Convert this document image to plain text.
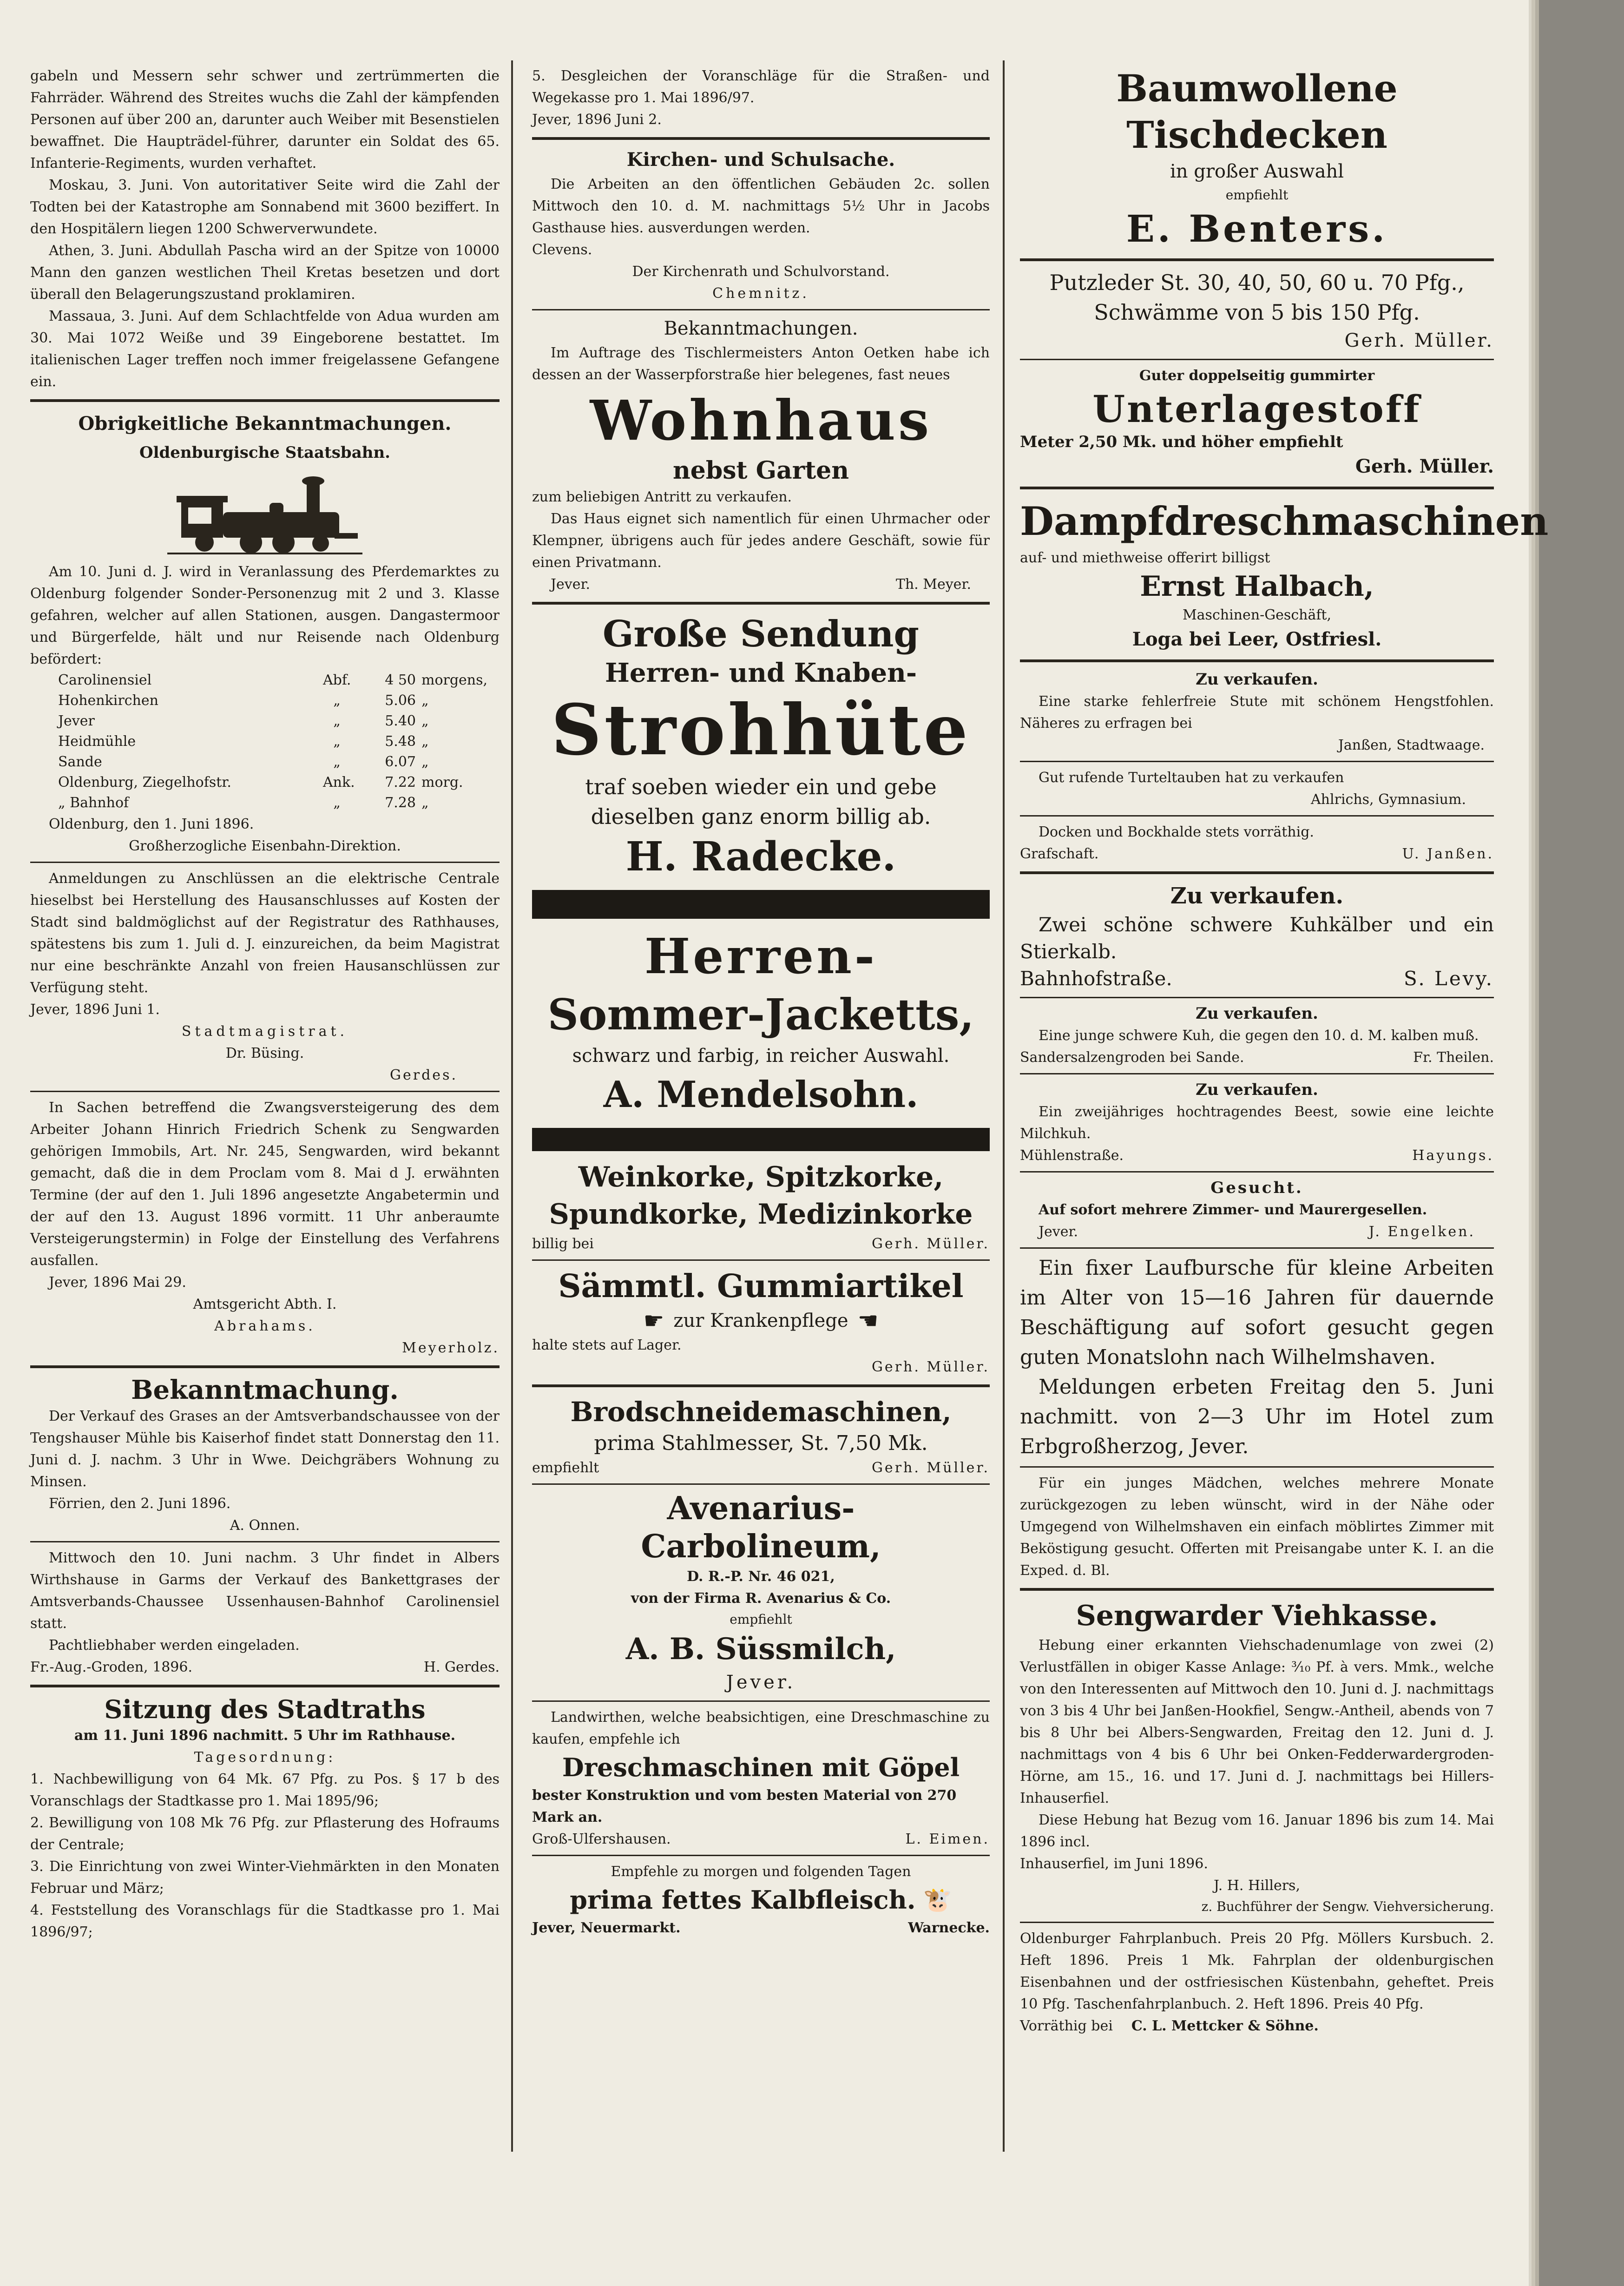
gabeln und Messern sehr schwer und zertrümmerten die Fahrräder. Während des Streites wuchs die Zahl der kämpfenden Personen auf über 200 an, darunter auch Weiber mit Besenstielen bewaffnet. Die Haupträdel-führer, darunter ein Soldat des 65. Infanterie-Regiments, wurden verhaftet.

Moskau, 3. Juni. Von autoritativer Seite wird die Zahl der Todten bei der Katastrophe am Sonnabend mit 3600 beziffert. In den Hospitälern liegen 1200 Schwerverwundete.

Athen, 3. Juni. Abdullah Pascha wird an der Spitze von 10000 Mann den ganzen westlichen Theil Kretas besetzen und dort überall den Belagerungszustand proklamiren.

Massaua, 3. Juni. Auf dem Schlachtfelde von Adua wurden am 30. Mai 1072 Weiße und 39 Eingeborene bestattet. Im italienischen Lager treffen noch immer freigelassene Gefangene ein.

Obrigkeitliche Bekanntmachungen.

Oldenburgische Staatsbahn.

Am 10. Juni d. J. wird in Veranlassung des Pferdemarktes zu Oldenburg folgender Sonder-Personenzug mit 2 und 3. Klasse gefahren, welcher auf allen Stationen, ausgen. Dangastermoor und Bürgerfelde, hält und nur Reisende nach Oldenburg befördert:

Carolinensiel	Abf.	4 50 morgens,
Hohenkirchen	„	5.06 „
Jever	„	5.40 „
Heidmühle	„	5.48 „
Sande	„	6.07 „
Oldenburg, Ziegelhofstr.	Ank.	7.22 morg.
„ Bahnhof	„	7.28 „

Oldenburg, den 1. Juni 1896.

Großherzogliche Eisenbahn-Direktion.

Anmeldungen zu Anschlüssen an die elektrische Centrale hieselbst bei Herstellung des Hausanschlusses auf Kosten der Stadt sind baldmöglichst auf der Registratur des Rathhauses, spätestens bis zum 1. Juli d. J. einzureichen, da beim Magistrat nur eine beschränkte Anzahl von freien Hausanschlüssen zur Verfügung steht.

Jever, 1896 Juni 1.

Stadtmagistrat.

Dr. Büsing.

Gerdes.

In Sachen betreffend die Zwangsversteigerung des dem Arbeiter Johann Hinrich Friedrich Schenk zu Sengwarden gehörigen Immobils, Art. Nr. 245, Sengwarden, wird bekannt gemacht, daß die in dem Proclam vom 8. Mai d J. erwähnten Termine (der auf den 1. Juli 1896 angesetzte Angabetermin und der auf den 13. August 1896 vormitt. 11 Uhr anberaumte Versteigerungstermin) in Folge der Einstellung des Verfahrens ausfallen.

Jever, 1896 Mai 29.

Amtsgericht Abth. I.

Abrahams.

Meyerholz.

Bekanntmachung.

Der Verkauf des Grases an der Amtsverbandschaussee von der Tengshauser Mühle bis Kaiserhof findet statt Donnerstag den 11. Juni d. J. nachm. 3 Uhr in Wwe. Deichgräbers Wohnung zu Minsen.

Förrien, den 2. Juni 1896.

A. Onnen.

Mittwoch den 10. Juni nachm. 3 Uhr findet in Albers Wirthshause in Garms der Verkauf des Bankettgrases der Amtsverbands-Chaussee Ussenhausen-Bahnhof Carolinensiel statt.

Pachtliebhaber werden eingeladen.

Fr.-Aug.-Groden, 1896.	H. Gerdes.

Sitzung des Stadtraths

am 11. Juni 1896 nachmitt. 5 Uhr im Rathhause.

Tagesordnung:

1. Nachbewilligung von 64 Mk. 67 Pfg. zu Pos. § 17 b des Voranschlags der Stadtkasse pro 1. Mai 1895/96;

2. Bewilligung von 108 Mk 76 Pfg. zur Pflasterung des Hofraums der Centrale;

3. Die Einrichtung von zwei Winter-Viehmärkten in den Monaten Februar und März;

4. Feststellung des Voranschlags für die Stadtkasse pro 1. Mai 1896/97;

5. Desgleichen der Voranschläge für die Straßen- und Wegekasse pro 1. Mai 1896/97.

Jever, 1896 Juni 2.

Kirchen- und Schulsache.

Die Arbeiten an den öffentlichen Gebäuden 2c. sollen Mittwoch den 10. d. M. nachmittags 5½ Uhr in Jacobs Gasthause hies. ausverdungen werden.

Clevens.

Der Kirchenrath und Schulvorstand.

Chemnitz.

Bekanntmachungen.

Im Auftrage des Tischlermeisters Anton Oetken habe ich dessen an der Wasserpforstraße hier belegenes, fast neues

Wohnhaus

nebst Garten

zum beliebigen Antritt zu verkaufen.

Das Haus eignet sich namentlich für einen Uhrmacher oder Klempner, übrigens auch für jedes andere Geschäft, sowie für einen Privatmann.

Jever.	Th. Meyer.

Große Sendung

Herren- und Knaben-

Strohhüte

traf soeben wieder ein und gebe dieselben ganz enorm billig ab.

H. Radecke.

Herren-

Sommer-Jacketts,

schwarz und farbig, in reicher Auswahl.

A. Mendelsohn.

Weinkorke, Spitzkorke,

Spundkorke, Medizinkorke

billig bei	Gerh. Müller.

Sämmtl. Gummiartikel

☛ zur Krankenpflege ☚

halte stets auf Lager.

Gerh. Müller.

Brodschneidemaschinen,

prima Stahlmesser, St. 7,50 Mk.

empfiehlt	Gerh. Müller.

Avenarius-

Carbolineum,

D. R.-P. Nr. 46 021,

von der Firma R. Avenarius & Co.

empfiehlt

A. B. Süssmilch,

Jever.

Landwirthen, welche beabsichtigen, eine Dreschmaschine zu kaufen, empfehle ich

Dreschmaschinen mit Göpel

bester Konstruktion und vom besten Material von 270 Mark an.

Groß-Ulfershausen.	L. Eimen.

Empfehle zu morgen und folgenden Tagen

prima fettes Kalbfleisch. 🐮
Jever, Neuermarkt.	Warnecke.

Baumwollene Tischdecken

in großer Auswahl

empfiehlt

E. Benters.

Putzleder St. 30, 40, 50, 60 u. 70 Pfg.,

Schwämme von 5 bis 150 Pfg.

Gerh. Müller.

Guter doppelseitig gummirter

Unterlagestoff

Meter 2,50 Mk. und höher empfiehlt

Gerh. Müller.

Dampfdreschmaschinen

auf- und miethweise offerirt billigst

Ernst Halbach,

Maschinen-Geschäft,

Loga bei Leer, Ostfriesl.

Zu verkaufen.

Eine starke fehlerfreie Stute mit schönem Hengstfohlen. Näheres zu erfragen bei

Janßen, Stadtwaage.

Gut rufende Turteltauben hat zu verkaufen

Ahlrichs, Gymnasium.

Docken und Bockhalde stets vorräthig.

Grafschaft.	U. Janßen.

Zu verkaufen.

Zwei schöne schwere Kuhkälber und ein Stierkalb.

Bahnhofstraße.	S. Levy.

Zu verkaufen.

Eine junge schwere Kuh, die gegen den 10. d. M. kalben muß.

Sandersalzengroden bei Sande.	Fr. Theilen.

Zu verkaufen.

Ein zweijähriges hochtragendes Beest, sowie eine leichte Milchkuh.

Mühlenstraße.	Hayungs.

Gesucht.

Auf sofort mehrere Zimmer- und Maurergesellen.

Jever.	J. Engelken.

Ein fixer Laufbursche für kleine Arbeiten im Alter von 15—16 Jahren für dauernde Beschäftigung auf sofort gesucht gegen guten Monatslohn nach Wilhelmshaven.

Meldungen erbeten Freitag den 5. Juni nachmitt. von 2—3 Uhr im Hotel zum Erbgroßherzog, Jever.

Für ein junges Mädchen, welches mehrere Monate zurückgezogen zu leben wünscht, wird in der Nähe oder Umgegend von Wilhelmshaven ein einfach möblirtes Zimmer mit Beköstigung gesucht. Offerten mit Preisangabe unter K. I. an die Exped. d. Bl.

Sengwarder Viehkasse.

Hebung einer erkannten Viehschadenumlage von zwei (2) Verlustfällen in obiger Kasse Anlage: ³⁄₁₀ Pf. à vers. Mmk., welche von den Interessenten auf Mittwoch den 10. Juni d. J. nachmittags von 3 bis 4 Uhr bei Janßen-Hookfiel, Sengw.-Antheil, abends von 7 bis 8 Uhr bei Albers-Sengwarden, Freitag den 12. Juni d. J. nachmittags von 4 bis 6 Uhr bei Onken-Fedderwardergroden-Hörne, am 15., 16. und 17. Juni d. J. nachmittags bei Hillers-Inhauserfiel.

Diese Hebung hat Bezug vom 16. Januar 1896 bis zum 14. Mai 1896 incl.

Inhauserfiel, im Juni 1896.

J. H. Hillers,

z. Buchführer der Sengw. Viehversicherung.

Oldenburger Fahrplanbuch. Preis 20 Pfg. Möllers Kursbuch. 2. Heft 1896. Preis 1 Mk. Fahrplan der oldenburgischen Eisenbahnen und der ostfriesischen Küstenbahn, geheftet. Preis 10 Pfg. Taschenfahrplanbuch. 2. Heft 1896. Preis 40 Pfg.

Vorräthig bei C. L. Mettcker & Söhne.
